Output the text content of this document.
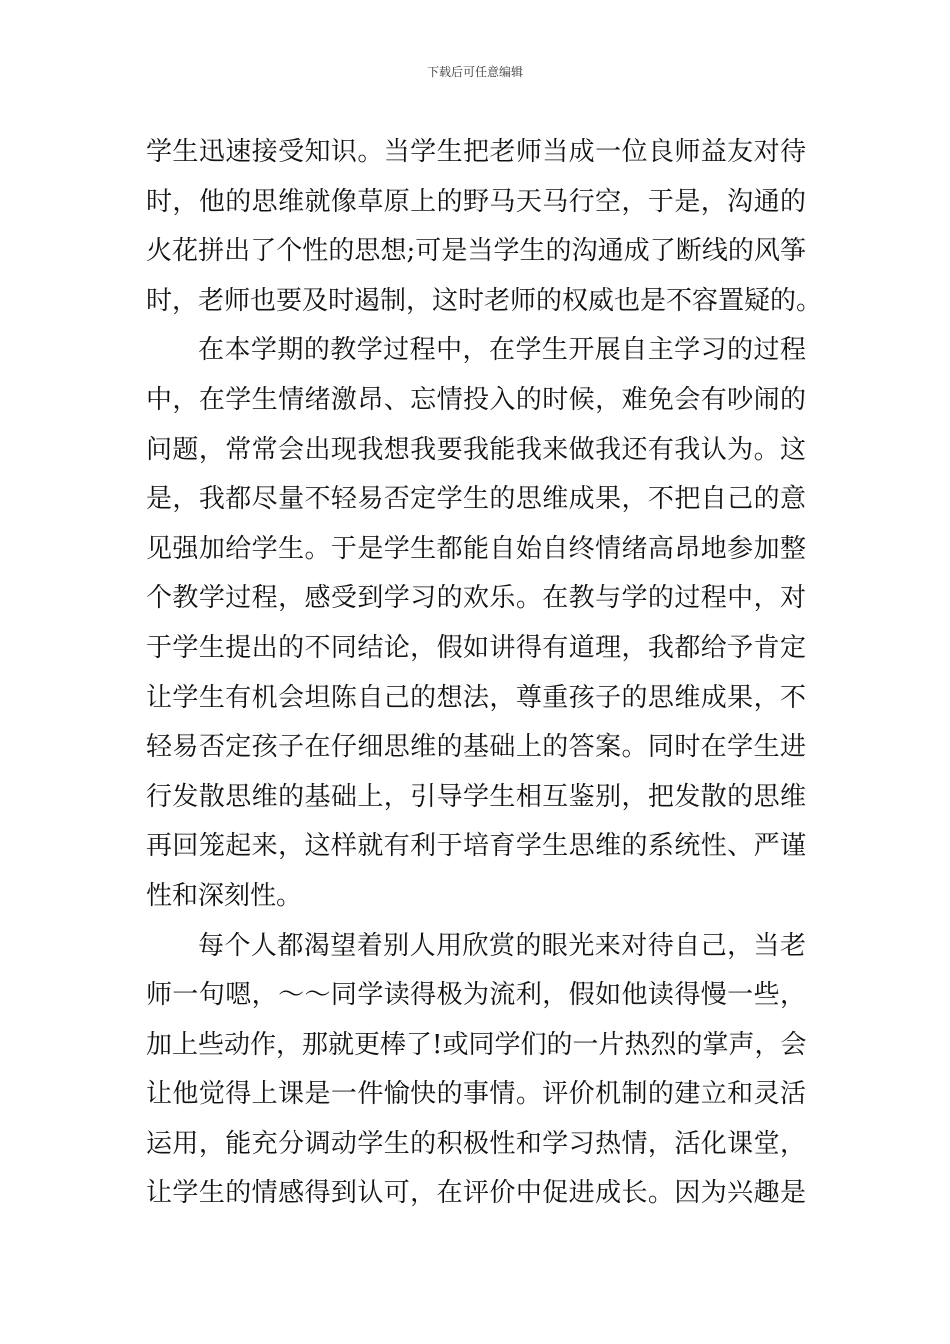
下载后可任意编辑
学生迅速接受知识。当学生把老师当成一位良师益友对待
时，他的思维就像草原上的野马天马行空，于是，沟通的
火花拼出了个性的思想;可是当学生的沟通成了断线的风筝
时，老师也要及时遏制，这时老师的权威也是不容置疑的。
在本学期的教学过程中，在学生开展自主学习的过程
中，在学生情绪激昂、忘情投入的时候，难免会有吵闹的
问题，常常会出现我想我要我能我来做我还有我认为。这
是，我都尽量不轻易否定学生的思维成果，不把自己的意
见强加给学生。于是学生都能自始自终情绪高昂地参加整
个教学过程，感受到学习的欢乐。在教与学的过程中，对
于学生提出的不同结论，假如讲得有道理，我都给予肯定
让学生有机会坦陈自己的想法，尊重孩子的思维成果，不
轻易否定孩子在仔细思维的基础上的答案。同时在学生进
行发散思维的基础上，引导学生相互鉴别，把发散的思维
再回笼起来，这样就有利于培育学生思维的系统性、严谨
性和深刻性。
每个人都渴望着别人用欣赏的眼光来对待自己，当老
师一句嗯，～～同学读得极为流利，假如他读得慢一些，
加上些动作，那就更棒了!或同学们的一片热烈的掌声，会
让他觉得上课是一件愉快的事情。评价机制的建立和灵活
运用，能充分调动学生的积极性和学习热情，活化课堂，
让学生的情感得到认可，在评价中促进成长。因为兴趣是
